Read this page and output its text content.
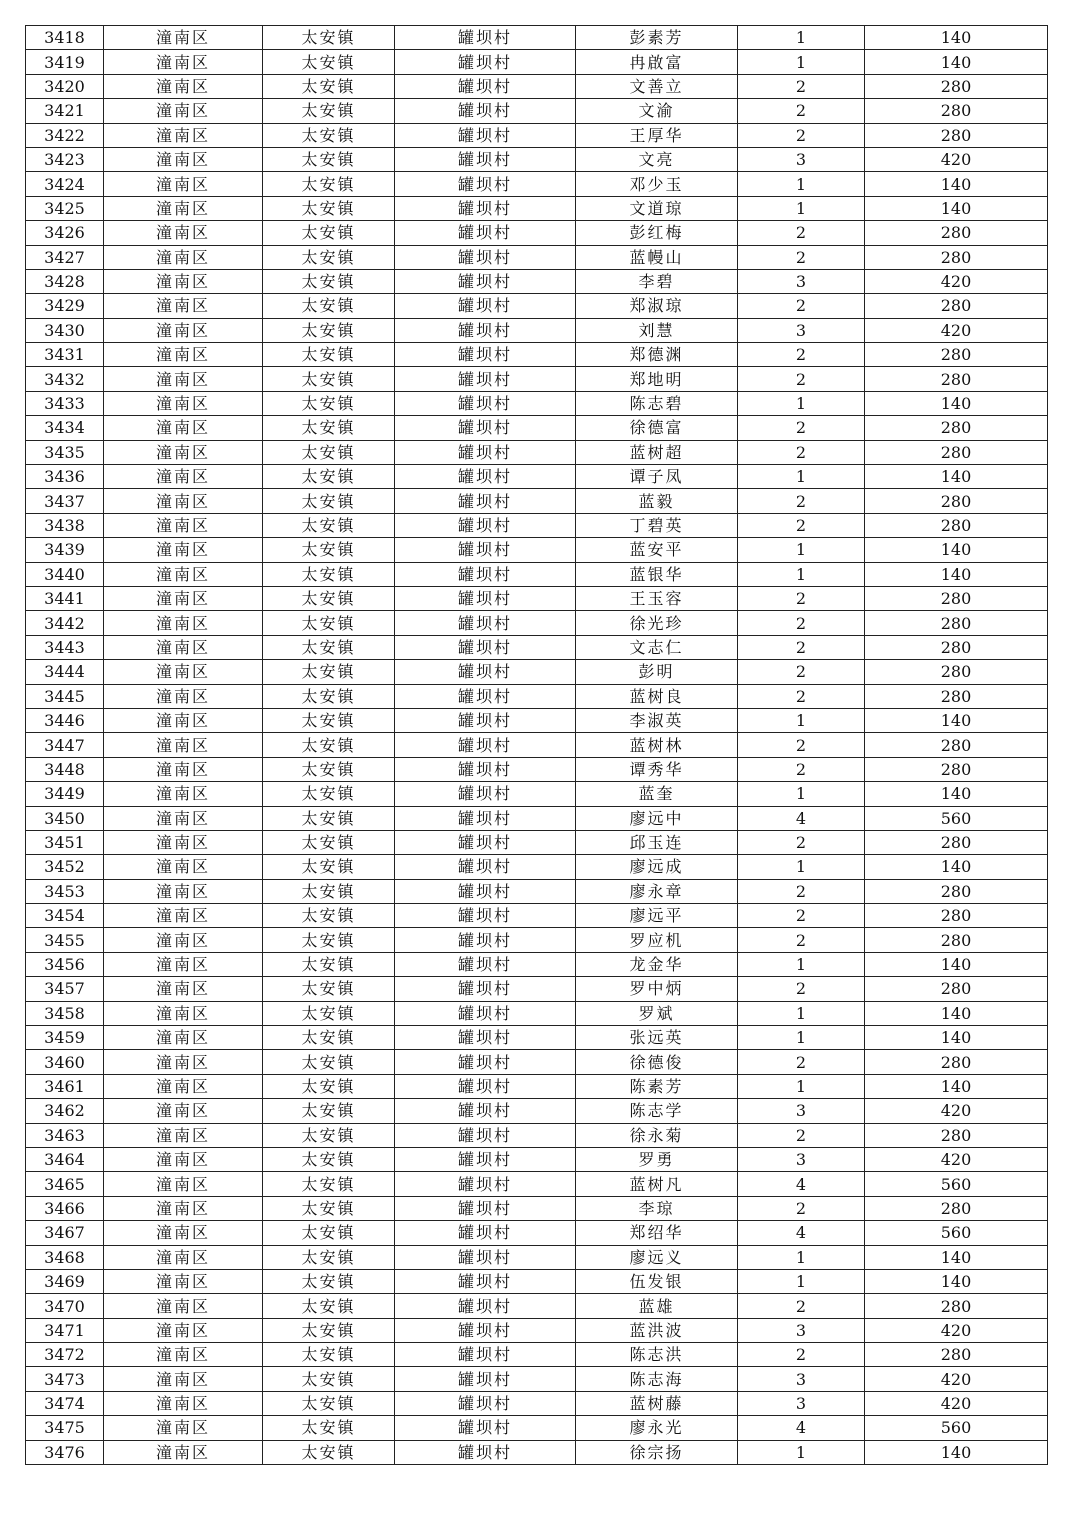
3418	潼南区	太安镇	罐坝村	彭素芳	1	140
3419	潼南区	太安镇	罐坝村	冉啟富	1	140
3420	潼南区	太安镇	罐坝村	文善立	2	280
3421	潼南区	太安镇	罐坝村	文渝	2	280
3422	潼南区	太安镇	罐坝村	王厚华	2	280
3423	潼南区	太安镇	罐坝村	文亮	3	420
3424	潼南区	太安镇	罐坝村	邓少玉	1	140
3425	潼南区	太安镇	罐坝村	文道琼	1	140
3426	潼南区	太安镇	罐坝村	彭红梅	2	280
3427	潼南区	太安镇	罐坝村	蓝幔山	2	280
3428	潼南区	太安镇	罐坝村	李碧	3	420
3429	潼南区	太安镇	罐坝村	郑淑琼	2	280
3430	潼南区	太安镇	罐坝村	刘慧	3	420
3431	潼南区	太安镇	罐坝村	郑德渊	2	280
3432	潼南区	太安镇	罐坝村	郑地明	2	280
3433	潼南区	太安镇	罐坝村	陈志碧	1	140
3434	潼南区	太安镇	罐坝村	徐德富	2	280
3435	潼南区	太安镇	罐坝村	蓝树超	2	280
3436	潼南区	太安镇	罐坝村	谭子凤	1	140
3437	潼南区	太安镇	罐坝村	蓝毅	2	280
3438	潼南区	太安镇	罐坝村	丁碧英	2	280
3439	潼南区	太安镇	罐坝村	蓝安平	1	140
3440	潼南区	太安镇	罐坝村	蓝银华	1	140
3441	潼南区	太安镇	罐坝村	王玉容	2	280
3442	潼南区	太安镇	罐坝村	徐光珍	2	280
3443	潼南区	太安镇	罐坝村	文志仁	2	280
3444	潼南区	太安镇	罐坝村	彭明	2	280
3445	潼南区	太安镇	罐坝村	蓝树良	2	280
3446	潼南区	太安镇	罐坝村	李淑英	1	140
3447	潼南区	太安镇	罐坝村	蓝树林	2	280
3448	潼南区	太安镇	罐坝村	谭秀华	2	280
3449	潼南区	太安镇	罐坝村	蓝奎	1	140
3450	潼南区	太安镇	罐坝村	廖远中	4	560
3451	潼南区	太安镇	罐坝村	邱玉连	2	280
3452	潼南区	太安镇	罐坝村	廖远成	1	140
3453	潼南区	太安镇	罐坝村	廖永章	2	280
3454	潼南区	太安镇	罐坝村	廖远平	2	280
3455	潼南区	太安镇	罐坝村	罗应机	2	280
3456	潼南区	太安镇	罐坝村	龙金华	1	140
3457	潼南区	太安镇	罐坝村	罗中炳	2	280
3458	潼南区	太安镇	罐坝村	罗斌	1	140
3459	潼南区	太安镇	罐坝村	张远英	1	140
3460	潼南区	太安镇	罐坝村	徐德俊	2	280
3461	潼南区	太安镇	罐坝村	陈素芳	1	140
3462	潼南区	太安镇	罐坝村	陈志学	3	420
3463	潼南区	太安镇	罐坝村	徐永菊	2	280
3464	潼南区	太安镇	罐坝村	罗勇	3	420
3465	潼南区	太安镇	罐坝村	蓝树凡	4	560
3466	潼南区	太安镇	罐坝村	李琼	2	280
3467	潼南区	太安镇	罐坝村	郑绍华	4	560
3468	潼南区	太安镇	罐坝村	廖远义	1	140
3469	潼南区	太安镇	罐坝村	伍发银	1	140
3470	潼南区	太安镇	罐坝村	蓝雄	2	280
3471	潼南区	太安镇	罐坝村	蓝洪波	3	420
3472	潼南区	太安镇	罐坝村	陈志洪	2	280
3473	潼南区	太安镇	罐坝村	陈志海	3	420
3474	潼南区	太安镇	罐坝村	蓝树藤	3	420
3475	潼南区	太安镇	罐坝村	廖永光	4	560
3476	潼南区	太安镇	罐坝村	徐宗扬	1	140
